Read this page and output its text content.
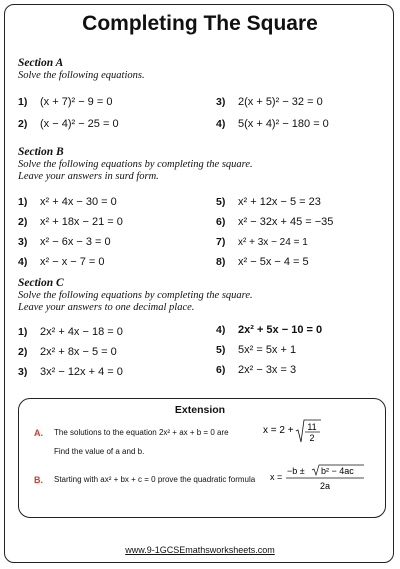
Completing The Square
Section A
Solve the following equations.
1) (x + 7)² − 9 = 0
2) (x − 4)² − 25 = 0
3) 2(x + 5)² − 32 = 0
4) 5(x + 4)² − 180 = 0
Section B
Solve the following equations by completing the square.
Leave your answers in surd form.
1) x² + 4x − 30 = 0
2) x² + 18x − 21 = 0
3) x² − 6x − 3 = 0
4) x² − x − 7 = 0
5) x² + 12x − 5 = 23
6) x² − 32x + 45 = −35
7) x² + 3x − 24 = 1
8) x² − 5x − 4 = 5
Section C
Solve the following equations by completing the square.
Leave your answers to one decimal place.
1) 2x² + 4x − 18 = 0
2) 2x² + 8x − 5 = 0
3) 3x² − 12x + 4 = 0
4) 2x² + 5x − 10 = 0
5) 5x² = 5x + 1
6) 2x² − 3x = 3
Extension
A. The solutions to the equation 2x² + ax + b = 0 are	x = 2 + 11
2
Find the value of a and b.
B. Starting with ax² + bx + c = 0 prove the quadratic formula x =
−b ± b² − 4ac
2a
www.9-1GCSEmathsworksheets.com
